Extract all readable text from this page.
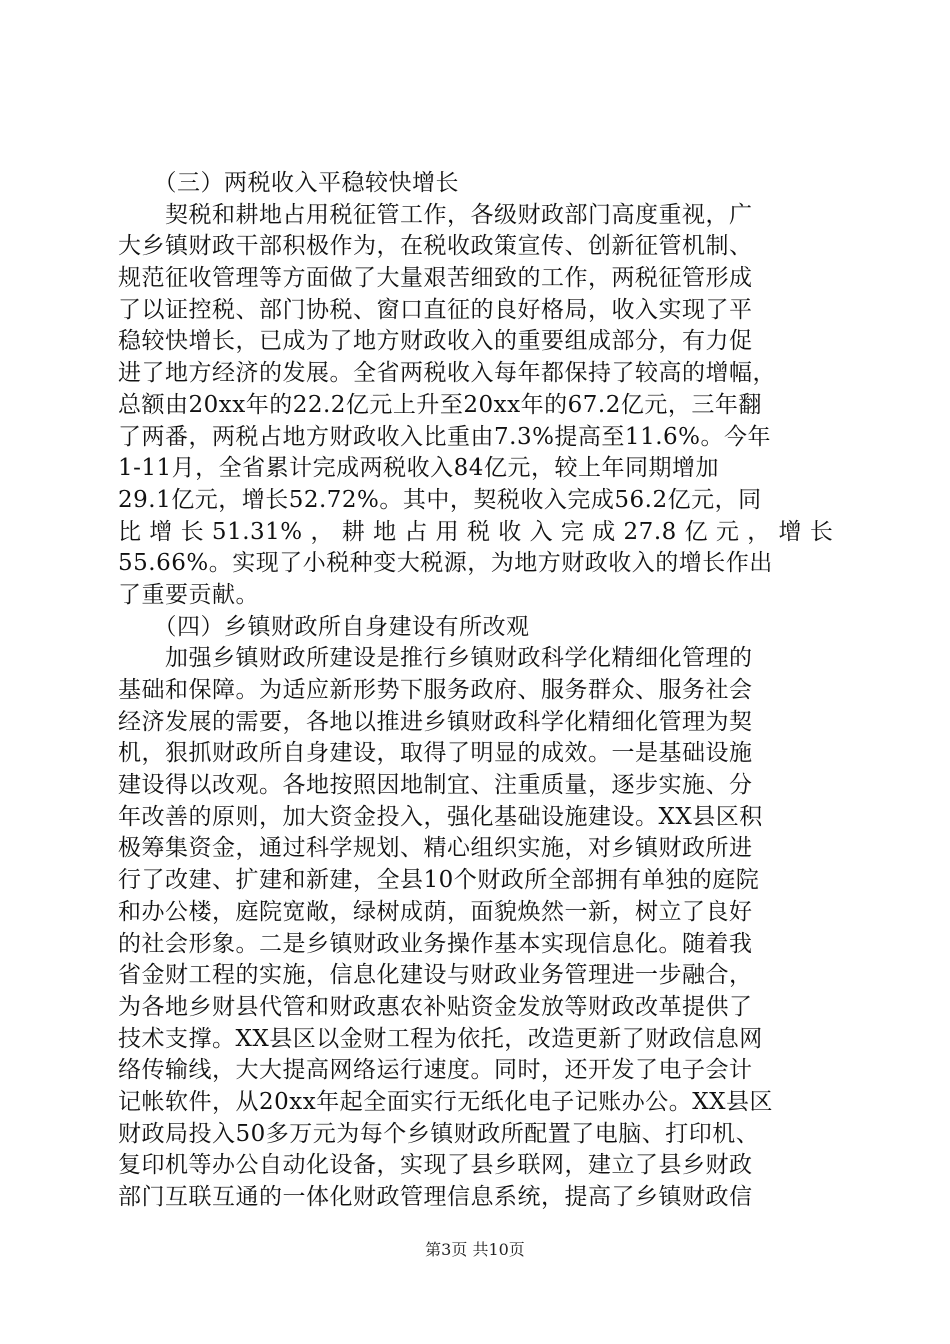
　　（三）两税收入平稳较快增长
　　契税和耕地占用税征管工作，各级财政部门高度重视，广
大乡镇财政干部积极作为，在税收政策宣传、创新征管机制、
规范征收管理等方面做了大量艰苦细致的工作，两税征管形成
了以证控税、部门协税、窗口直征的良好格局，收入实现了平
稳较快增长，已成为了地方财政收入的重要组成部分，有力促
进了地方经济的发展。全省两税收入每年都保持了较高的增幅，
总额由20xx年的22.2亿元上升至20xx年的67.2亿元，三年翻
了两番，两税占地方财政收入比重由7.3%提高至11.6%。今年
1-11月，全省累计完成两税收入84亿元，较上年同期增加
29.1亿元，增长52.72%。其中，契税收入完成56.2亿元，同
比 增 长 51.31% ， 耕 地 占 用 税 收 入 完 成 27.8 亿 元 ， 增 长
55.66%。实现了小税种变大税源，为地方财政收入的增长作出
了重要贡献。
　　（四）乡镇财政所自身建设有所改观
　　加强乡镇财政所建设是推行乡镇财政科学化精细化管理的
基础和保障。为适应新形势下服务政府、服务群众、服务社会
经济发展的需要，各地以推进乡镇财政科学化精细化管理为契
机，狠抓财政所自身建设，取得了明显的成效。一是基础设施
建设得以改观。各地按照因地制宜、注重质量，逐步实施、分
年改善的原则，加大资金投入，强化基础设施建设。XX县区积
极筹集资金，通过科学规划、精心组织实施，对乡镇财政所进
行了改建、扩建和新建，全县10个财政所全部拥有单独的庭院
和办公楼，庭院宽敞，绿树成荫，面貌焕然一新，树立了良好
的社会形象。二是乡镇财政业务操作基本实现信息化。随着我
省金财工程的实施，信息化建设与财政业务管理进一步融合，
为各地乡财县代管和财政惠农补贴资金发放等财政改革提供了
技术支撑。XX县区以金财工程为依托，改造更新了财政信息网
络传输线，大大提高网络运行速度。同时，还开发了电子会计
记帐软件，从20xx年起全面实行无纸化电子记账办公。XX县区
财政局投入50多万元为每个乡镇财政所配置了电脑、打印机、
复印机等办公自动化设备，实现了县乡联网，建立了县乡财政
部门互联互通的一体化财政管理信息系统，提高了乡镇财政信
第3页 共10页
